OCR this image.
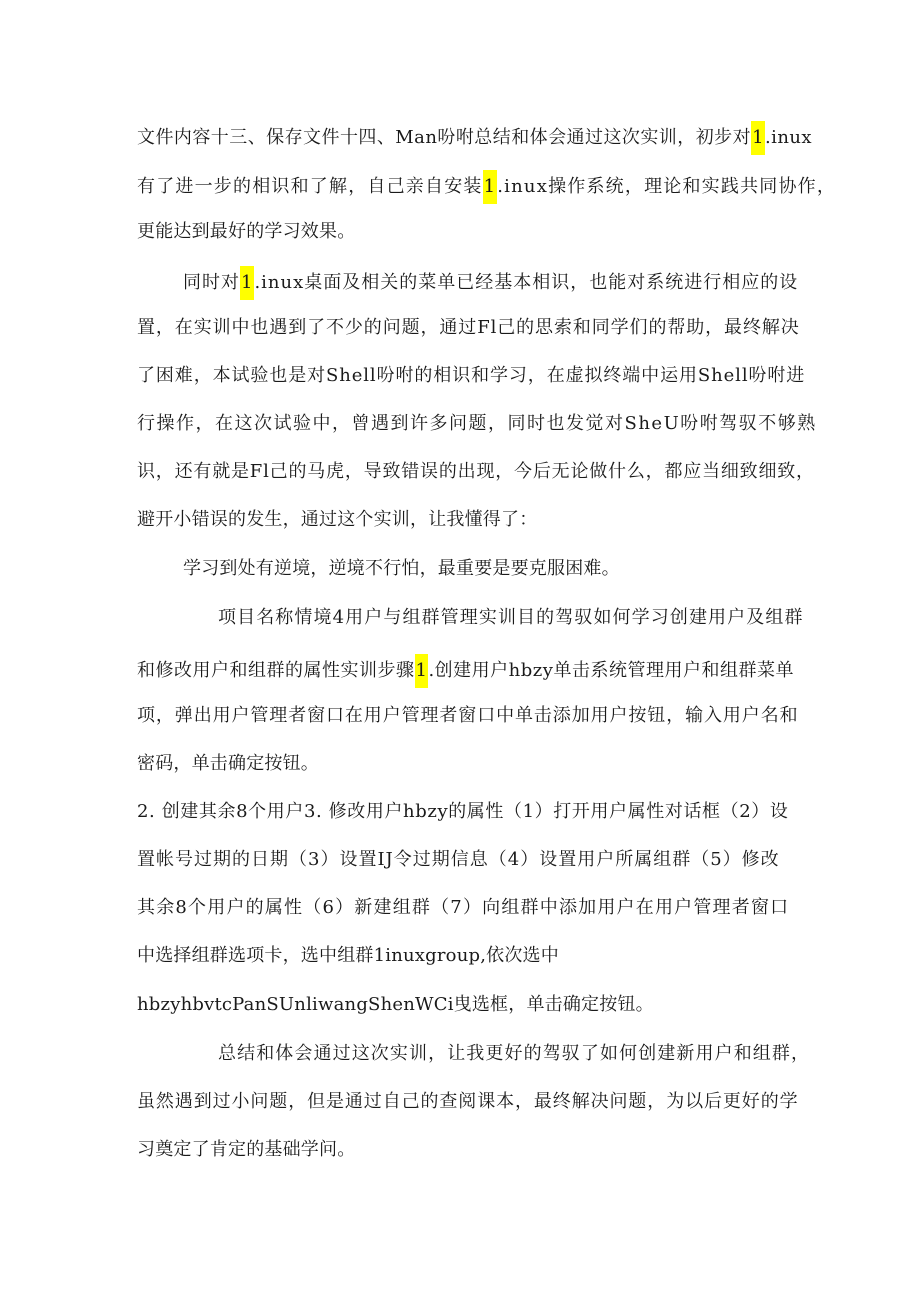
文件内容十三、保存文件十四、Man吩咐总结和体会通过这次实训，初步对1.inux
有了进一步的相识和了解，自己亲自安装1.inux操作系统，理论和实践共同协作，
更能达到最好的学习效果。
同时对1.inux桌面及相关的菜单已经基本相识，也能对系统进行相应的设
置，在实训中也遇到了不少的问题，通过Fl己的思索和同学们的帮助，最终解决
了困难，本试验也是对Shell吩咐的相识和学习，在虚拟终端中运用Shell吩咐进
行操作，在这次试验中，曾遇到许多问题，同时也发觉对SheU吩咐驾驭不够熟
识，还有就是Fl己的马虎，导致错误的出现，今后无论做什么，都应当细致细致，
避开小错误的发生，通过这个实训，让我懂得了：
学习到处有逆境，逆境不行怕，最重要是要克服困难。
项目名称情境4用户与组群管理实训目的驾驭如何学习创建用户及组群
和修改用户和组群的属性实训步骤1.创建用户hbzy单击系统管理用户和组群菜单
项，弹出用户管理者窗口在用户管理者窗口中单击添加用户按钮，输入用户名和
密码，单击确定按钮。
2. 创建其余8个用户3. 修改用户hbzy的属性（1）打开用户属性对话框（2）设
置帐号过期的日期（3）设置IJ令过期信息（4）设置用户所属组群（5）修改
其余8个用户的属性（6）新建组群（7）向组群中添加用户在用户管理者窗口
中选择组群选项卡，选中组群1inuxgroup,依次选中
hbzyhbvtcPanSUnliwangShenWCi曳选框，单击确定按钮。
总结和体会通过这次实训，让我更好的驾驭了如何创建新用户和组群，
虽然遇到过小问题，但是通过自己的查阅课本，最终解决问题，为以后更好的学
习奠定了肯定的基础学问。
